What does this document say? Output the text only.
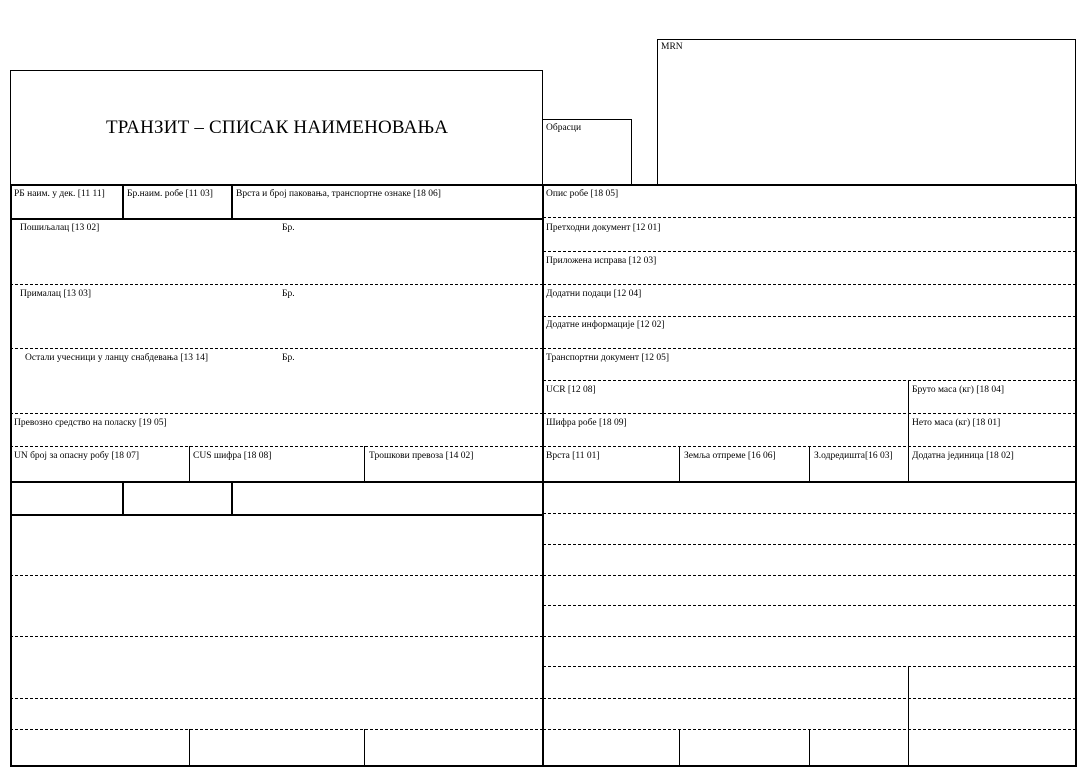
ТРАНЗИТ – СПИСАК НАИМЕНОВАЊА	Обрасци
MRN
РБ наим. у дек. [11 11] Бр.наим. робе [11 03] Врста и број паковања, транспортне ознаке [18 06]
Пошиљалац [13 02]	Бр.
Прималац [13 03]	Бр.
Остали учесници у ланцу снабдевања [13 14]	Бр.
Превозно средство на поласку [19 05]
UN број за опасну робу [18 07]	CUS шифра [18 08]	Трошкови превоза [14 02]
Опис робе [18 05]
Претходни документ [12 01]
Приложена исправа [12 03]
Додатни подаци [12 04]
Додатне информације [12 02]
Транспортни документ [12 05]
UCR [12 08]	Бруто маса (кг) [18 04]
Шифра робе [18 09]	Нето маса (кг) [18 01]
Врста [11 01]	Земља отпреме [16 06]	З.одредишта[16 03] Додатна јединица [18 02]
